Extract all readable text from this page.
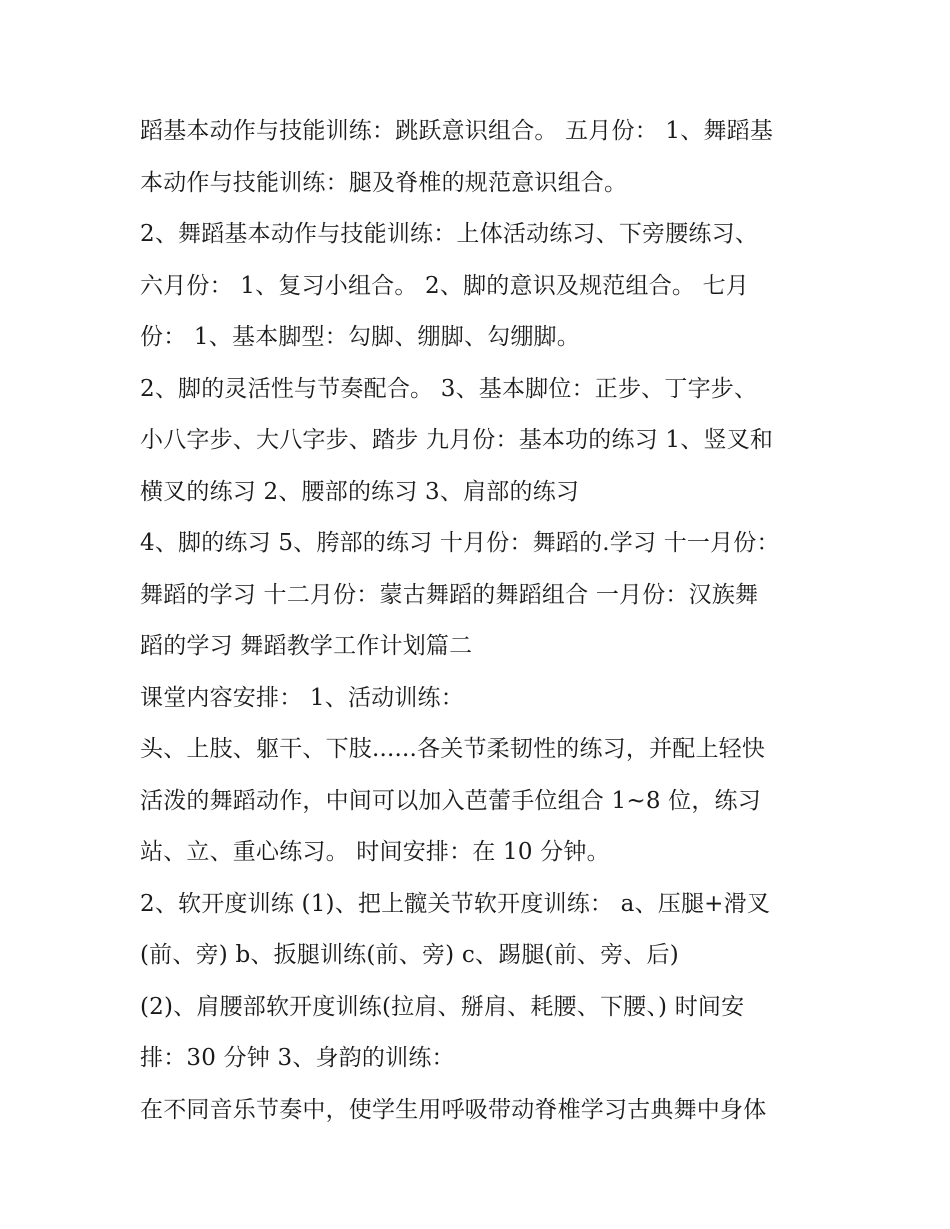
蹈基本动作与技能训练：跳跃意识组合。 五月份： 1、舞蹈基
本动作与技能训练：腿及脊椎的规范意识组合。
2、舞蹈基本动作与技能训练：上体活动练习、下旁腰练习、
六月份： 1、复习小组合。 2、脚的意识及规范组合。 七月
份： 1、基本脚型：勾脚、绷脚、勾绷脚。
2、脚的灵活性与节奏配合。 3、基本脚位：正步、丁字步、
小八字步、大八字步、踏步 九月份：基本功的练习 1、竖叉和
横叉的练习 2、腰部的练习 3、肩部的练习
4、脚的练习 5、胯部的练习 十月份：舞蹈的.学习 十一月份：
舞蹈的学习 十二月份：蒙古舞蹈的舞蹈组合 一月份：汉族舞
蹈的学习 舞蹈教学工作计划篇二
课堂内容安排： 1、活动训练：
头、上肢、躯干、下肢......各关节柔韧性的练习，并配上轻快
活泼的舞蹈动作，中间可以加入芭蕾手位组合 1~8 位，练习
站、立、重心练习。 时间安排：在 10 分钟。
2、软开度训练 (1)、把上髋关节软开度训练： a、压腿+滑叉
(前、旁) b、扳腿训练(前、旁) c、踢腿(前、旁、后)
(2)、肩腰部软开度训练(拉肩、掰肩、耗腰、下腰、) 时间安
排：30 分钟 3、身韵的训练：
在不同音乐节奏中，使学生用呼吸带动脊椎学习古典舞中身体
